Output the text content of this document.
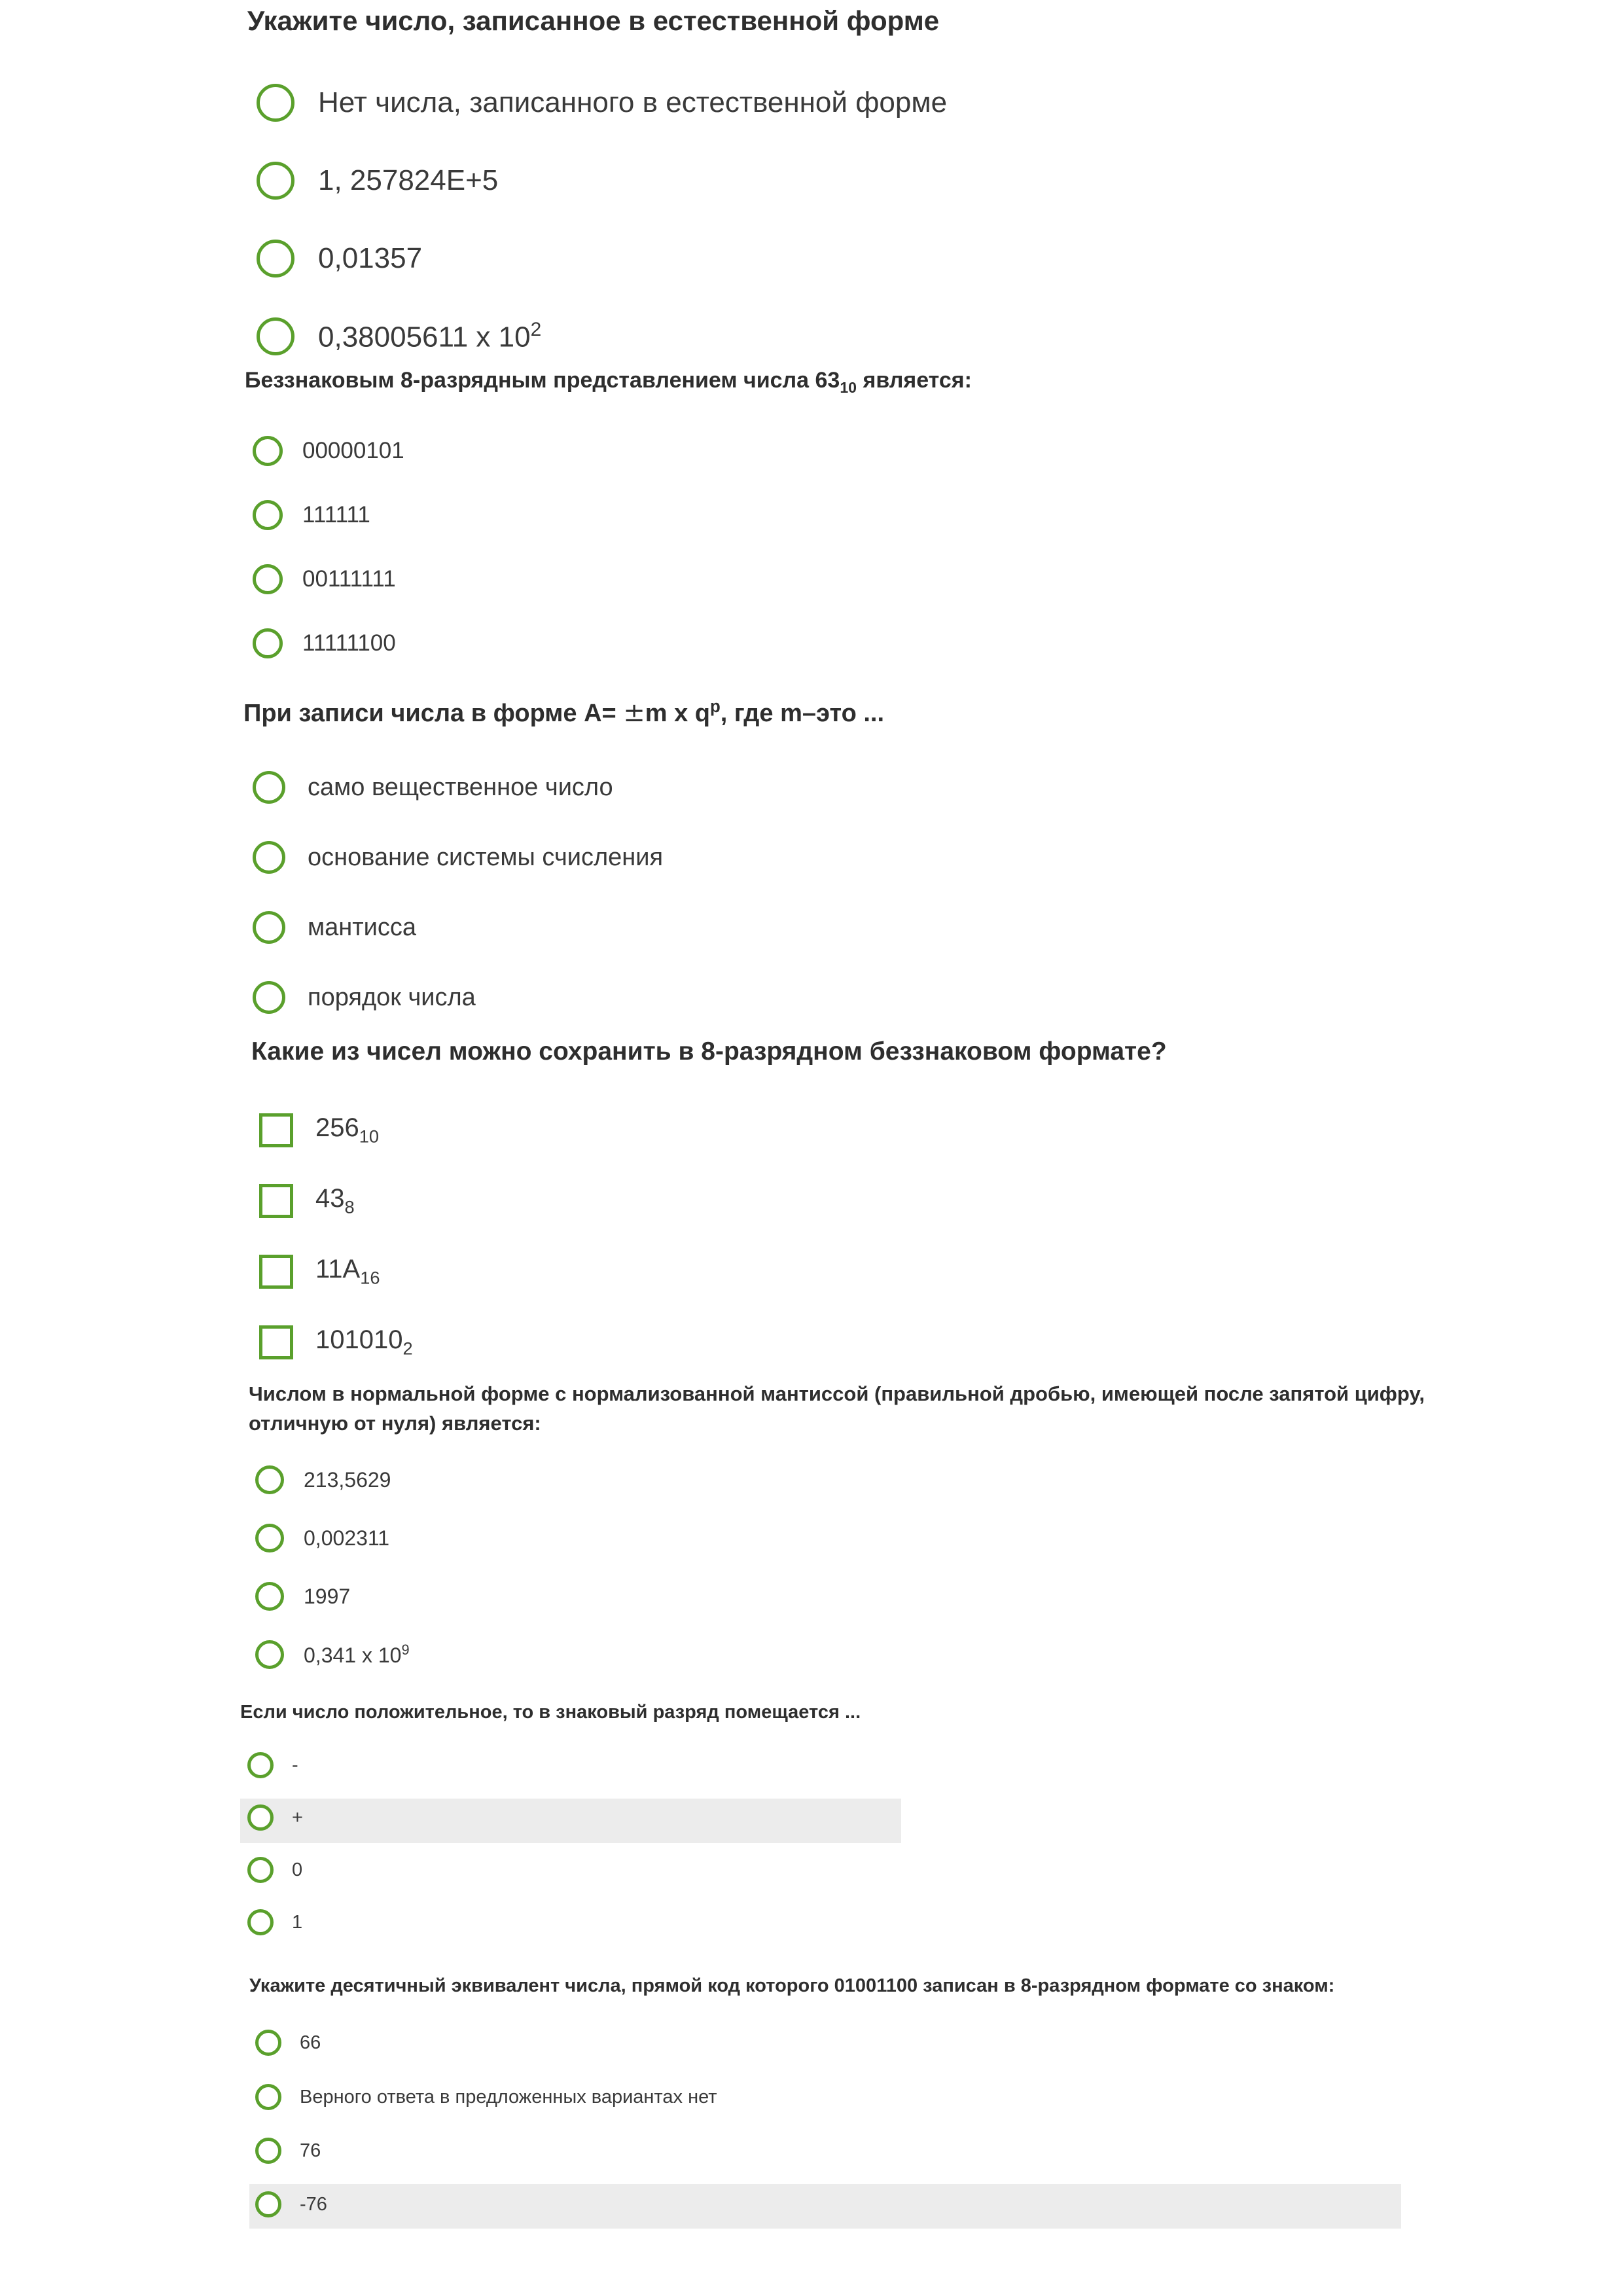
Укажите число, записанное в естественной форме
Нет числа, записанного в естественной форме
1, 257824E+5
0,01357
0,38005611 x $10^2$
Беззнаковым 8-разрядным представлением числа $63_{10}$ является:
00000101
111111
00111111
11111100
При записи числа в форме A= ±m x $q^p$, где m–это ...
само вещественное число
основание системы счисления
мантисса
порядок числа
Какие из чисел можно сохранить в 8-разрядном беззнаковом формате?
$256_{10}$
$43_8$
$11A_{16}$
$101010_2$
Числом в нормальной форме с нормализованной мантиссой (правильной дробью, имеющей после запятой цифру,
отличную от нуля) является:
213,5629
0,002311
1997
0,341 x $10^9$
Если число положительное, то в знаковый разряд помещается ...
-
+
0
1
Укажите десятичный эквивалент числа, прямой код которого 01001100 записан в 8-разрядном формате со знаком:
66
Верного ответа в предложенных вариантах нет
76
-76
